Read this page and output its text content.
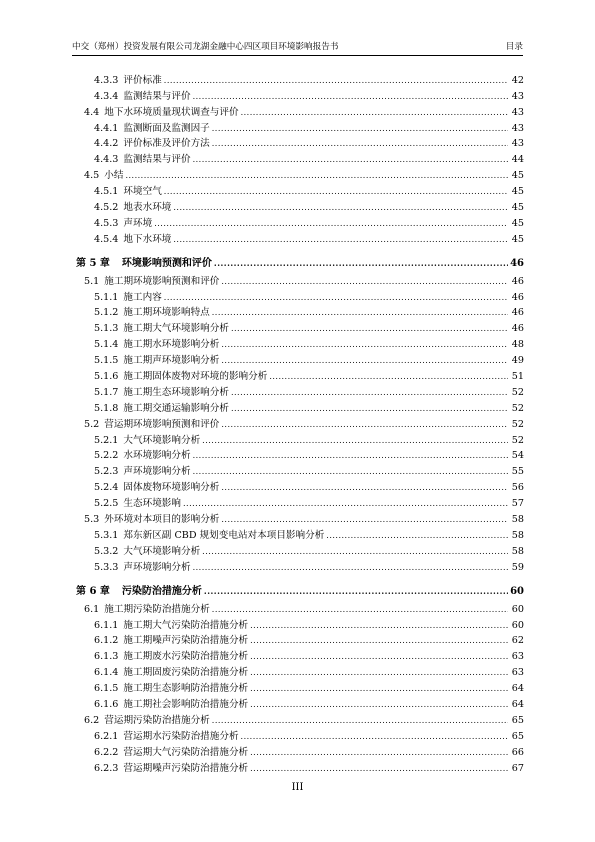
中交（郑州）投资发展有限公司龙湖金融中心四区项目环境影响报告书	目录
4.3.3 评价标准 .....	42
4.3.4 监测结果与评价 .....	43
4.4 地下水环境质量现状调查与评价 .....	43
4.4.1 监测断面及监测因子 .....	43
4.4.2 评价标准及评价方法 .....	43
4.4.3 监测结果与评价 .....	44
4.5 小结 .....	45
4.5.1 环境空气 .....	45
4.5.2 地表水环境 .....	45
4.5.3 声环境 .....	45
4.5.4 地下水环境 .....	45
第 5 章 环境影响预测和评价 .....	46
5.1 施工期环境影响预测和评价 .....	46
5.1.1 施工内容 .....	46
5.1.2 施工期环境影响特点 .....	46
5.1.3 施工期大气环境影响分析 .....	46
5.1.4 施工期水环境影响分析 .....	48
5.1.5 施工期声环境影响分析 .....	49
5.1.6 施工期固体废物对环境的影响分析 .....	51
5.1.7 施工期生态环境影响分析 .....	52
5.1.8 施工期交通运输影响分析 .....	52
5.2 营运期环境影响预测和评价 .....	52
5.2.1 大气环境影响分析 .....	52
5.2.2 水环境影响分析 .....	54
5.2.3 声环境影响分析 .....	55
5.2.4 固体废物环境影响分析 .....	56
5.2.5 生态环境影响 .....	57
5.3 外环境对本项目的影响分析 .....	58
5.3.1 郑东新区副 CBD 规划变电站对本项目影响分析 .....	58
5.3.2 大气环境影响分析 .....	58
5.3.3 声环境影响分析 .....	59
第 6 章 污染防治措施分析 .....	60
6.1 施工期污染防治措施分析 .....	60
6.1.1 施工期大气污染防治措施分析 .....	60
6.1.2 施工期噪声污染防治措施分析 .....	62
6.1.3 施工期废水污染防治措施分析 .....	63
6.1.4 施工期固废污染防治措施分析 .....	63
6.1.5 施工期生态影响防治措施分析 .....	64
6.1.6 施工期社会影响防治措施分析 .....	64
6.2 营运期污染防治措施分析 .....	65
6.2.1 营运期水污染防治措施分析 .....	65
6.2.2 营运期大气污染防治措施分析 .....	66
6.2.3 营运期噪声污染防治措施分析 .....	67
III
